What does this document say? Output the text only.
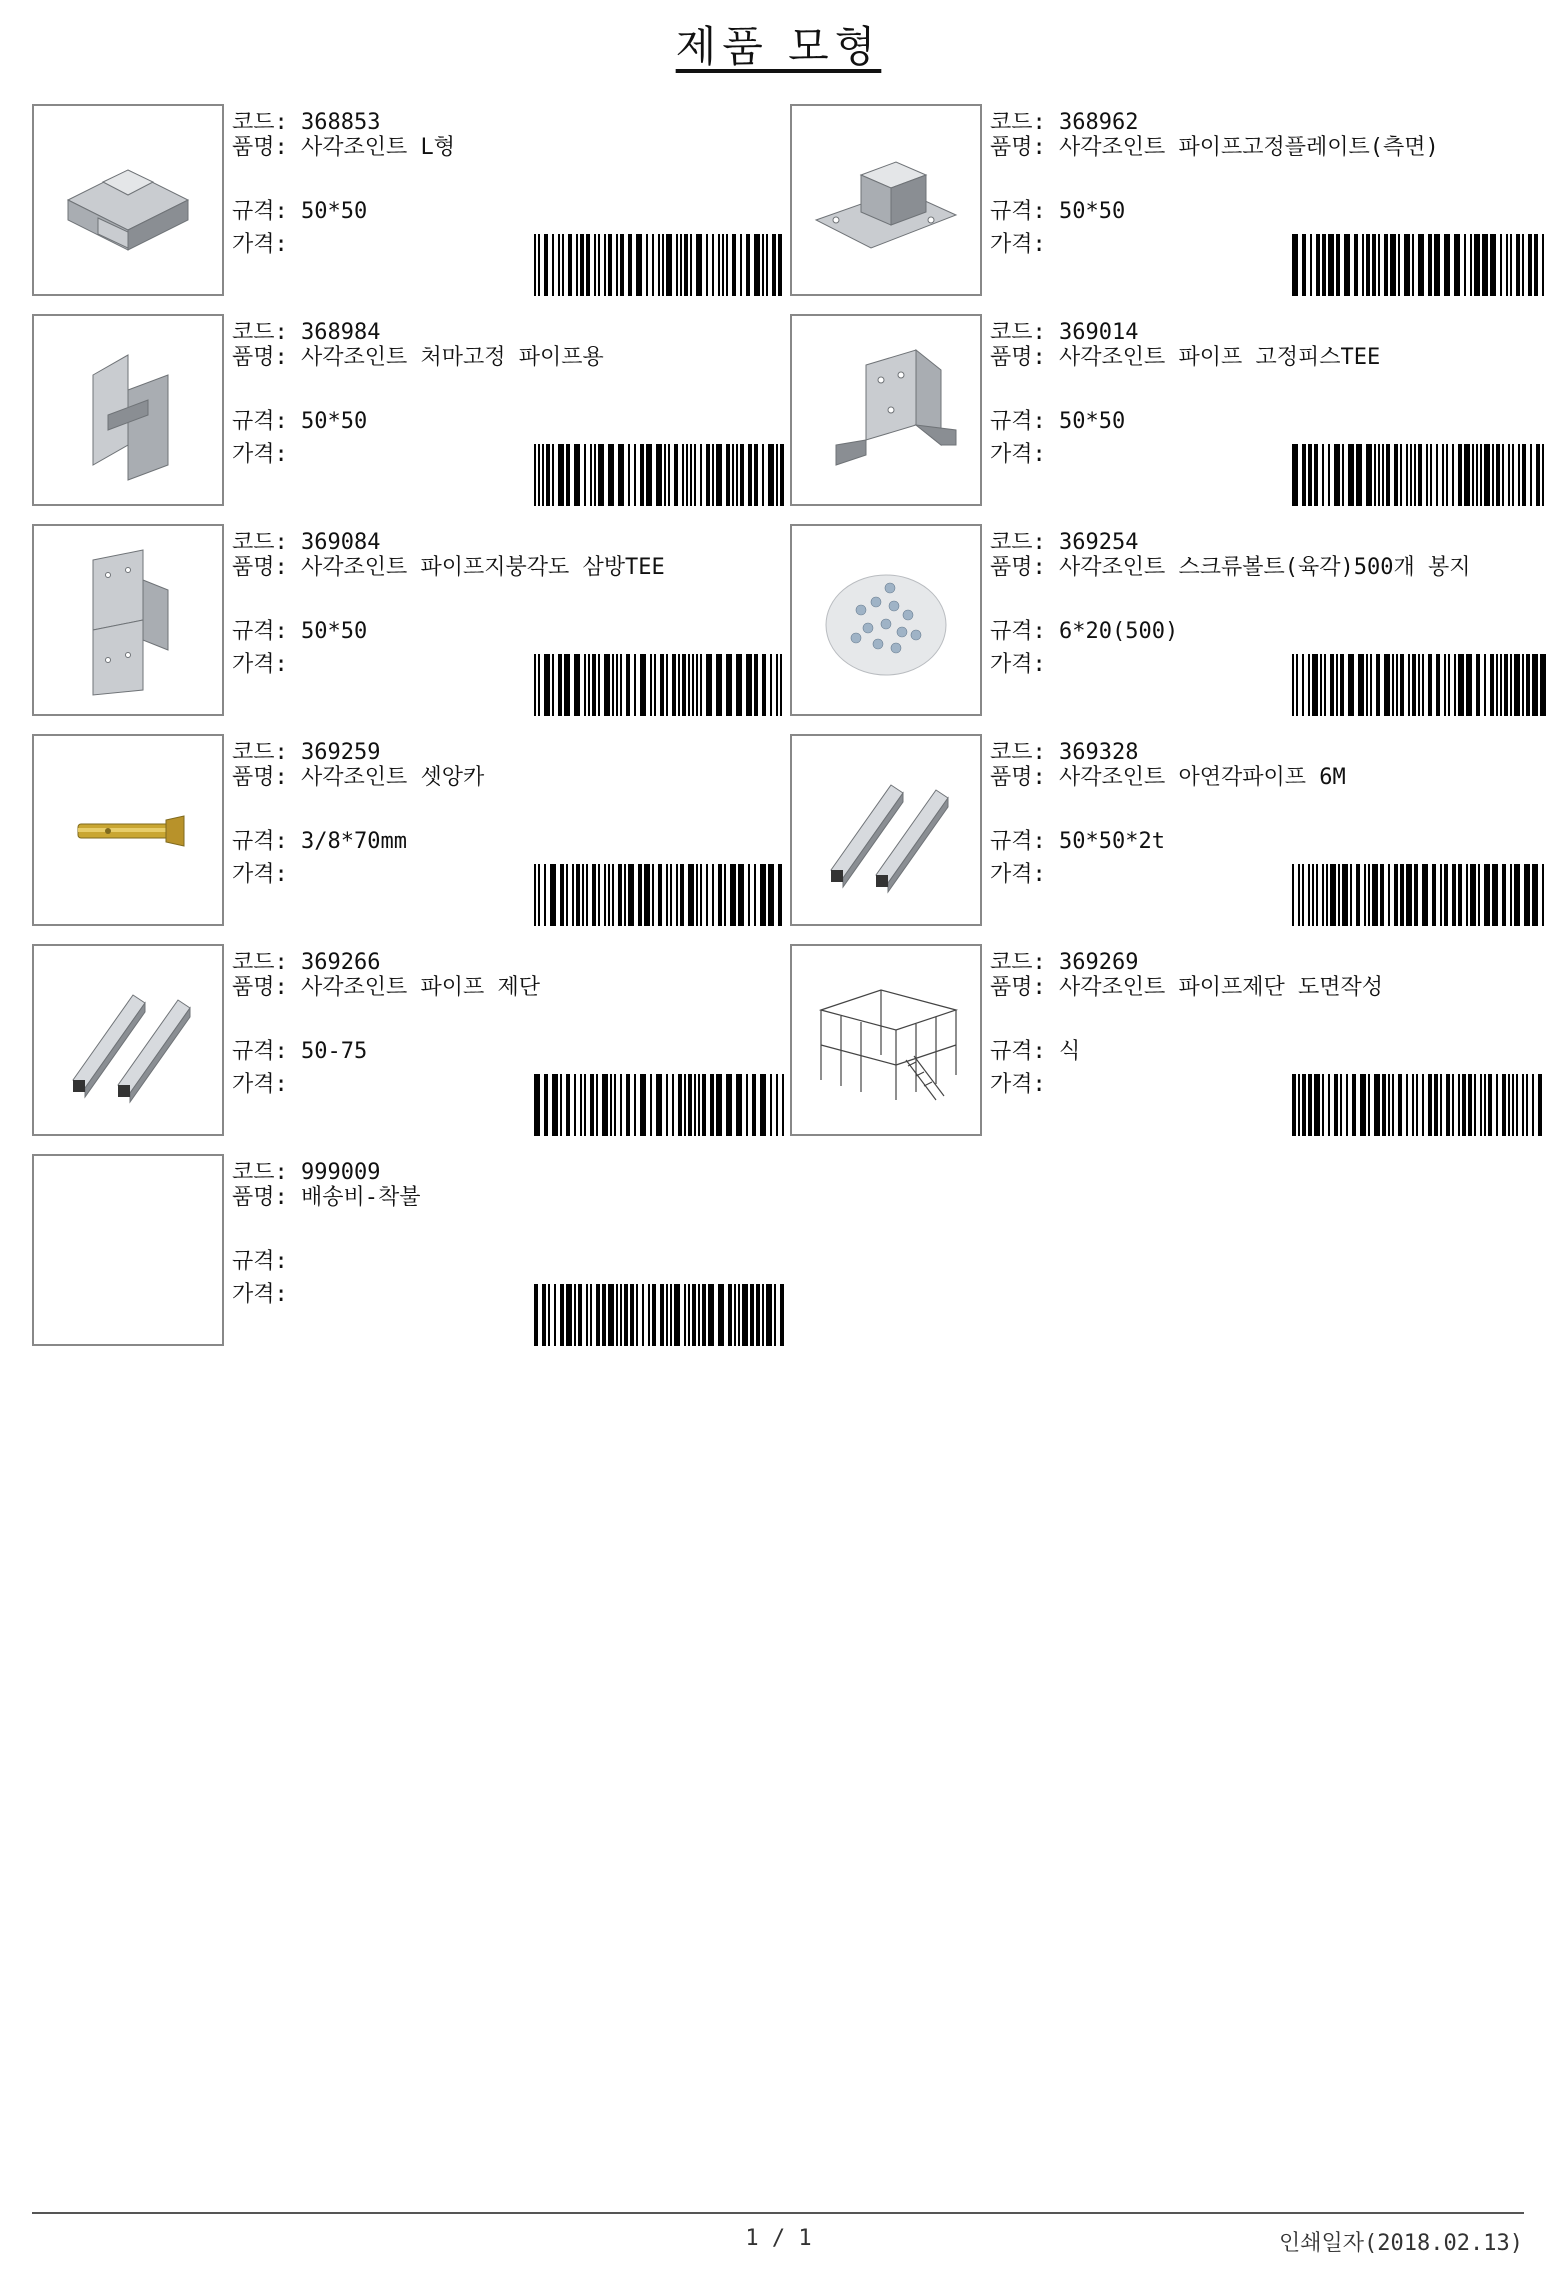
제품 모형
코드: 368853
품명: 사각조인트 L형
규격: 50*50
가격:
코드: 368962
품명: 사각조인트 파이프고정플레이트(측면)
규격: 50*50
가격:
코드: 368984
품명: 사각조인트 처마고정 파이프용
규격: 50*50
가격:
코드: 369014
품명: 사각조인트 파이프 고정피스TEE
규격: 50*50
가격:
코드: 369084
품명: 사각조인트 파이프지붕각도 삼방TEE
규격: 50*50
가격:
코드: 369254
품명: 사각조인트 스크류볼트(육각)500개 봉지
규격: 6*20(500)
가격:
코드: 369259
품명: 사각조인트 셋앙카
규격: 3/8*70mm
가격:
코드: 369328
품명: 사각조인트 아연각파이프 6M
규격: 50*50*2t
가격:
코드: 369266
품명: 사각조인트 파이프 제단
규격: 50-75
가격:
코드: 369269
품명: 사각조인트 파이프제단 도면작성
규격: 식
가격:
코드: 999009
품명: 배송비-착불
규격:
가격:
1 / 1	인쇄일자(2018.02.13)
